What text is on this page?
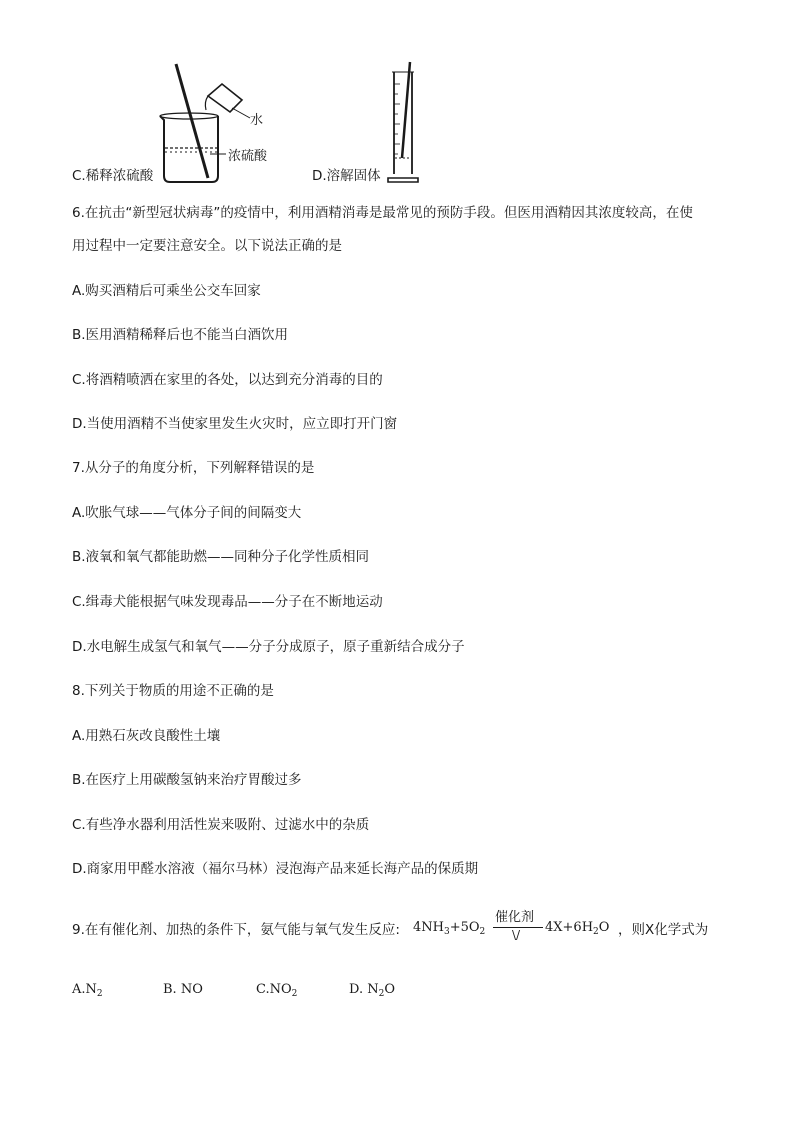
水
浓硫酸
C.稀释浓硫酸	D.溶解固体
6.在抗击“新型冠状病毒”的疫情中，利用酒精消毒是最常见的预防手段。但医用酒精因其浓度较高，在使
用过程中一定要注意安全。以下说法正确的是
A.购买酒精后可乘坐公交车回家
B.医用酒精稀释后也不能当白酒饮用
C.将酒精喷洒在家里的各处，以达到充分消毒的目的
D.当使用酒精不当使家里发生火灾时，应立即打开门窗
7.从分子的角度分析，下列解释错误的是
A.吹胀气球——气体分子间的间隔变大
B.液氧和氧气都能助燃——同种分子化学性质相同
C.缉毒犬能根据气味发现毒品——分子在不断地运动
D.水电解生成氢气和氧气——分子分成原子，原子重新结合成分子
8.下列关于物质的用途不正确的是
A.用熟石灰改良酸性土壤
B.在医疗上用碳酸氢钠来治疗胃酸过多
C.有些净水器利用活性炭来吸附、过滤水中的杂质
D.商家用甲醛水溶液（福尔马林）浸泡海产品来延长海产品的保质期
9.在有催化剂、加热的条件下，氨气能与氧气发生反应: $4NH_3+5O_2$
催化剂
\/ $4X+6H_2O$ ，则X化学式为
$A.N_2$	B. NO	$C.NO_2$	D. $N_2O$
